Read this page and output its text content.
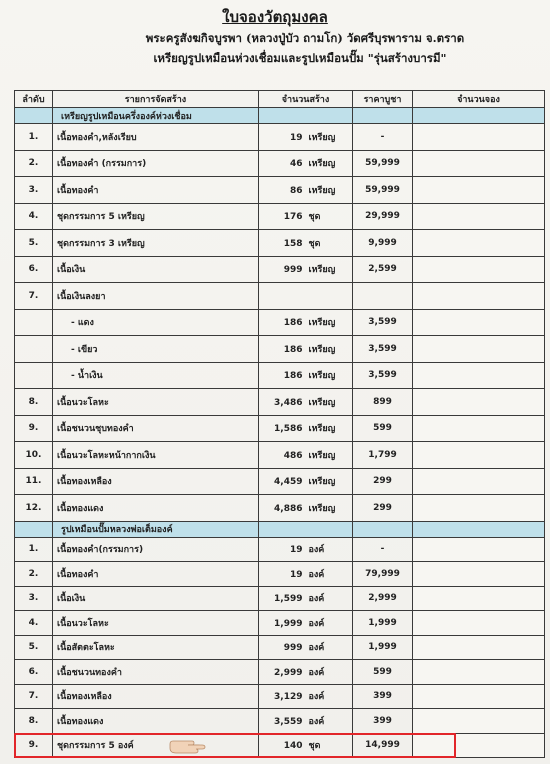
ใบจองวัตถุมงคล
พระครูสังฆกิจบูรพา (หลวงปู่บัว ถามโก) วัดศรีบุรพาราม จ.ตราด
เหรียญรูปเหมือนห่วงเชื่อมและรูปเหมือนปั๊ม "รุ่นสร้างบารมี"
ลำดับ	รายการจัดสร้าง	จำนวนสร้าง	ราคาบูชา	จำนวนจอง
	เหรียญรูปเหมือนครึ่งองค์ห่วงเชื่อม			
1.	เนื้อทองคำ,หลังเรียบ	19 เหรียญ	-	
2.	เนื้อทองคำ (กรรมการ)	46 เหรียญ	59,999	
3.	เนื้อทองคำ	86 เหรียญ	59,999	
4.	ชุดกรรมการ 5 เหรียญ	176 ชุด	29,999	
5.	ชุดกรรมการ 3 เหรียญ	158 ชุด	9,999	
6.	เนื้อเงิน	999 เหรียญ	2,599	
7.	เนื้อเงินลงยา			
	- แดง	186 เหรียญ	3,599	
	- เขียว	186 เหรียญ	3,599	
	- น้ำเงิน	186 เหรียญ	3,599	
8.	เนื้อนวะโลหะ	3,486 เหรียญ	899	
9.	เนื้อชนวนชุบทองคำ	1,586 เหรียญ	599	
10.	เนื้อนวะโลหะหน้ากากเงิน	486 เหรียญ	1,799	
11.	เนื้อทองเหลือง	4,459 เหรียญ	299	
12.	เนื้อทองแดง	4,886 เหรียญ	299	
	รูปเหมือนปั๊มหลวงพ่อเต็มองค์			
1.	เนื้อทองคำ(กรรมการ)	19 องค์	-	
2.	เนื้อทองคำ	19 องค์	79,999	
3.	เนื้อเงิน	1,599 องค์	2,999	
4.	เนื้อนวะโลหะ	1,999 องค์	1,999	
5.	เนื้อสัตตะโลหะ	999 องค์	1,999	
6.	เนื้อชนวนทองคำ	2,999 องค์	599	
7.	เนื้อทองเหลือง	3,129 องค์	399	
8.	เนื้อทองแดง	3,559 องค์	399	
9.	ชุดกรรมการ 5 องค์	140 ชุด	14,999	
